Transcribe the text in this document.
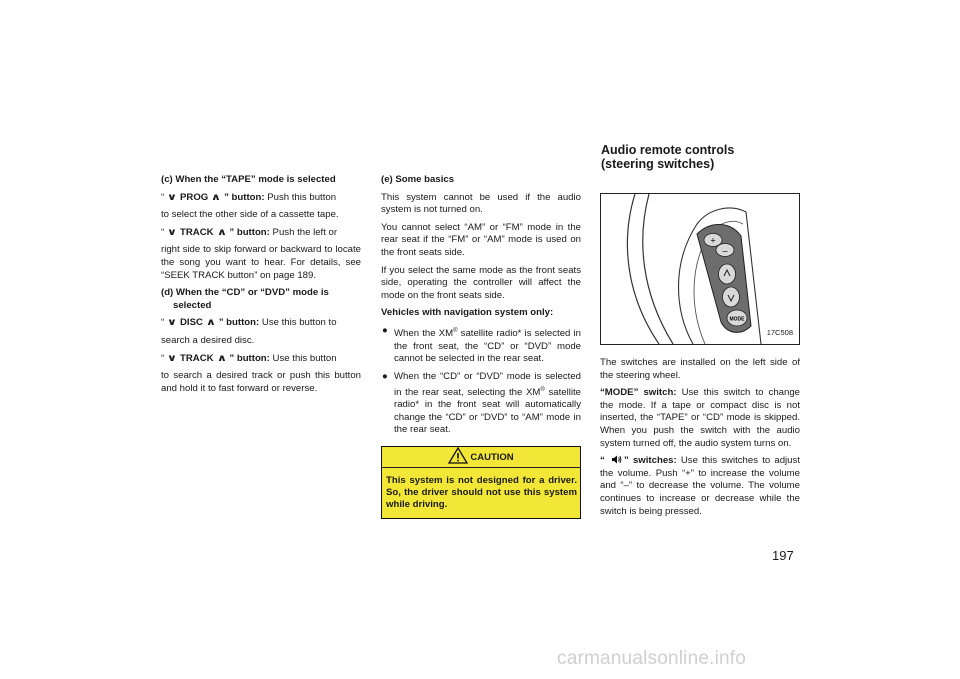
(c) When the “TAPE” mode is selected

“ ∨ PROG ∧ ” button: Push this button

to select the other side of a cassette tape.

“ ∨ TRACK ∧ ” button: Push the left or

right side to skip forward or backward to locate the song you want to hear. For details, see “SEEK TRACK button” on page 189.

(d) When the “CD” or “DVD” mode is selected

“ ∨ DISC ∧ ” button: Use this button to

search a desired disc.

“ ∨ TRACK ∧ ” button: Use this button

to search a desired track or push this button and hold it to fast forward or reverse.

(e) Some basics

This system cannot be used if the audio system is not turned on.

You cannot select “AM” or “FM” mode in the rear seat if the “FM” or “AM” mode is used on the front seats side.

If you select the same mode as the front seats side, operating the controller will affect the mode on the front seats side.

Vehicles with navigation system only:

● When the XM® satellite radio* is selected in the front seat, the “CD” or “DVD” mode cannot be selected in the rear seat.

● When the “CD” or “DVD” mode is selected in the rear seat, selecting the XM® satellite radio* in the front seat will automatically change the “CD” or “DVD” to “AM” mode in the rear seat.

CAUTION
This system is not designed for a driver. So, the driver should not use this system while driving.
Audio remote controls
(steering switches)
+
–
MODE
17C508

The switches are installed on the left side of the steering wheel.

“MODE” switch: Use this switch to change the mode. If a tape or compact disc is not inserted, the “TAPE” or “CD” mode is skipped. When you push the switch with the audio system turned off, the audio system turns on.

“ ” switches: Use this switches to adjust the volume. Push “+” to increase the volume and “–” to decrease the volume. The volume continues to increase or decrease while the switch is being pressed.

197
carmanualsonline.info
